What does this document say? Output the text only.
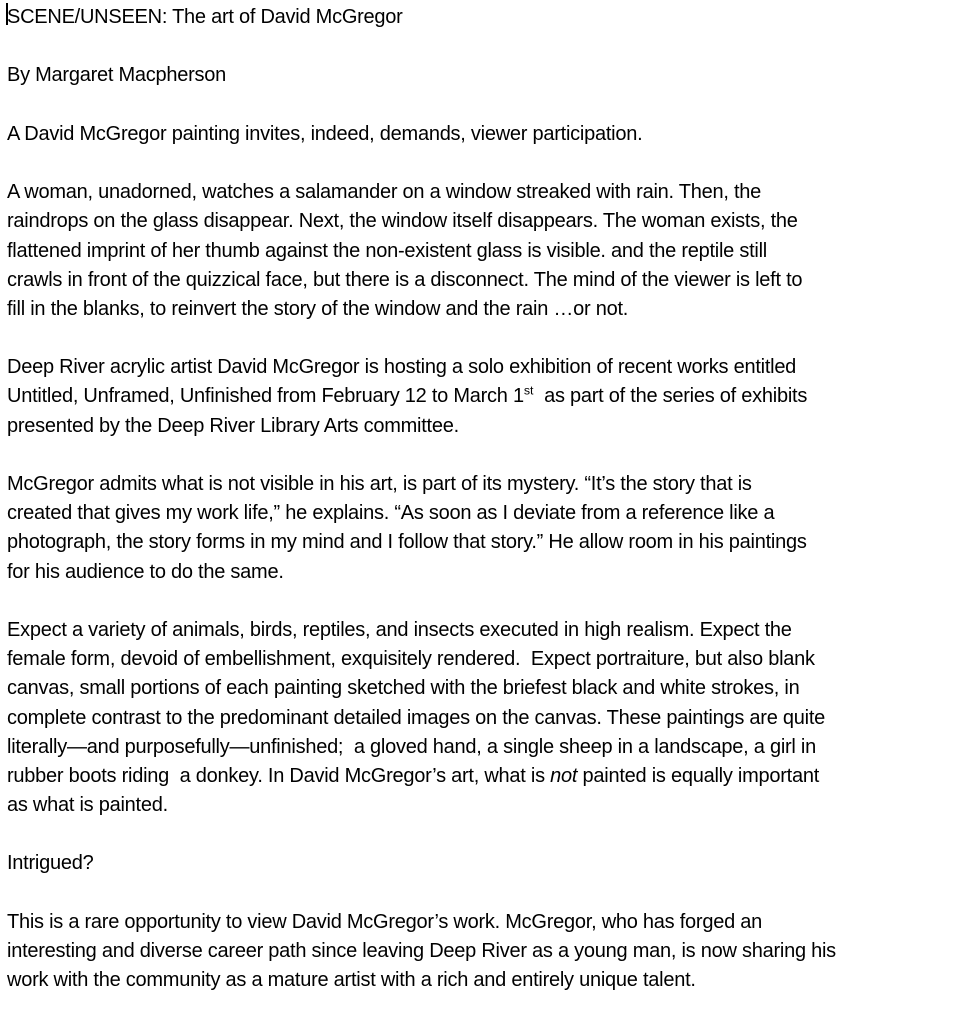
SCENE/UNSEEN: The art of David McGregor
By Margaret Macpherson
A David McGregor painting invites, indeed, demands, viewer participation.
A woman, unadorned, watches a salamander on a window streaked with rain. Then, the
raindrops on the glass disappear. Next, the window itself disappears. The woman exists, the
flattened imprint of her thumb against the non-existent glass is visible. and the reptile still
crawls in front of the quizzical face, but there is a disconnect. The mind of the viewer is left to
fill in the blanks, to reinvert the story of the window and the rain …or not.
Deep River acrylic artist David McGregor is hosting a solo exhibition of recent works entitled
Untitled, Unframed, Unfinished from February 12 to March 1st  as part of the series of exhibits
presented by the Deep River Library Arts committee.
McGregor admits what is not visible in his art, is part of its mystery. “It’s the story that is
created that gives my work life,” he explains. “As soon as I deviate from a reference like a
photograph, the story forms in my mind and I follow that story.” He allow room in his paintings
for his audience to do the same.
Expect a variety of animals, birds, reptiles, and insects executed in high realism. Expect the
female form, devoid of embellishment, exquisitely rendered.  Expect portraiture, but also blank
canvas, small portions of each painting sketched with the briefest black and white strokes, in
complete contrast to the predominant detailed images on the canvas. These paintings are quite
literally—and purposefully—unfinished;  a gloved hand, a single sheep in a landscape, a girl in
rubber boots riding  a donkey. In David McGregor’s art, what is not painted is equally important
as what is painted.
Intrigued?
This is a rare opportunity to view David McGregor’s work. McGregor, who has forged an
interesting and diverse career path since leaving Deep River as a young man, is now sharing his
work with the community as a mature artist with a rich and entirely unique talent.
